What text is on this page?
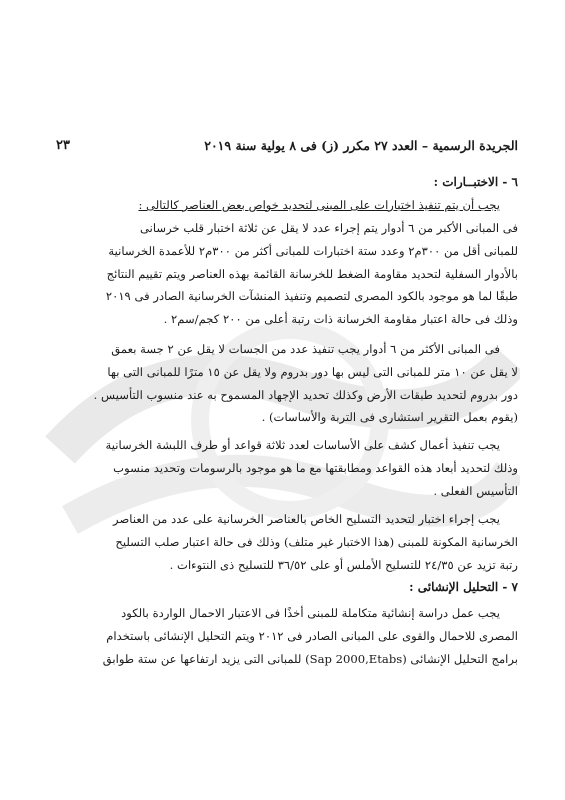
الجريدة الرسمية – العدد ٢٧ مكرر (ز) فى ٨ يولية سنة ٢٠١٩
٢٣
٦ - الاختبــارات :
يجب أن يتم تنفيذ اختبارات على المبنى لتحديد خواص بعض العناصر كالتالى :
فى المبانى الأكبر من ٦ أدوار يتم إجراء عدد لا يقل عن ثلاثة اختبار قلب خرسانى
للمبانى أقل من ٣٠٠م٢ وعدد ستة اختبارات للمبانى أكثر من ٣٠٠م٢ للأعمدة الخرسانية
بالأدوار السفلية لتحديد مقاومة الضغط للخرسانة القائمة بهذه العناصر ويتم تقييم النتائج
طبقًا لما هو موجود بالكود المصرى لتصميم وتنفيذ المنشآت الخرسانية الصادر فى ٢٠١٩
وذلك فى حالة اعتبار مقاومة الخرسانة ذات رتبة أعلى من ٢٠٠ كجم/سم٢ .
فى المبانى الأكثر من ٦ أدوار يجب تنفيذ عدد من الجسات لا يقل عن ٢ جسة بعمق
لا يقل عن ١٠ متر للمبانى التى ليس بها دور بدروم ولا يقل عن ١٥ مترًا للمبانى التى بها
دور بدروم لتحديد طبقات الأرض وكذلك تحديد الإجهاد المسموح به عند منسوب التأسيس .
(يقوم بعمل التقرير استشارى فى التربة والأساسات) .
يجب تنفيذ أعمال كشف على الأساسات لعدد ثلاثة قواعد أو طرف اللبشة الخرسانية
وذلك لتحديد أبعاد هذه القواعد ومطابقتها مع ما هو موجود بالرسومات وتحديد منسوب
التأسيس الفعلى .
يجب إجراء اختبار لتحديد التسليح الخاص بالعناصر الخرسانية على عدد من العناصر
الخرسانية المكونة للمبنى (هذا الاختبار غير متلف) وذلك فى حالة اعتبار صلب التسليح
رتبة تزيد عن ٢٤/٣٥ للتسليح الأملس أو على ٣٦/٥٢ للتسليح ذى النتوءات .
٧ - التحليل الإنشائى :
يجب عمل دراسة إنشائية متكاملة للمبنى أخذًا فى الاعتبار الاحمال الواردة بالكود
المصرى للاحمال والقوى على المبانى الصادر فى ٢٠١٢ ويتم التحليل الإنشائى باستخدام
برامج التحليل الإنشائى (Sap 2000,Etabs) للمبانى التى يزيد ارتفاعها عن ستة طوابق
